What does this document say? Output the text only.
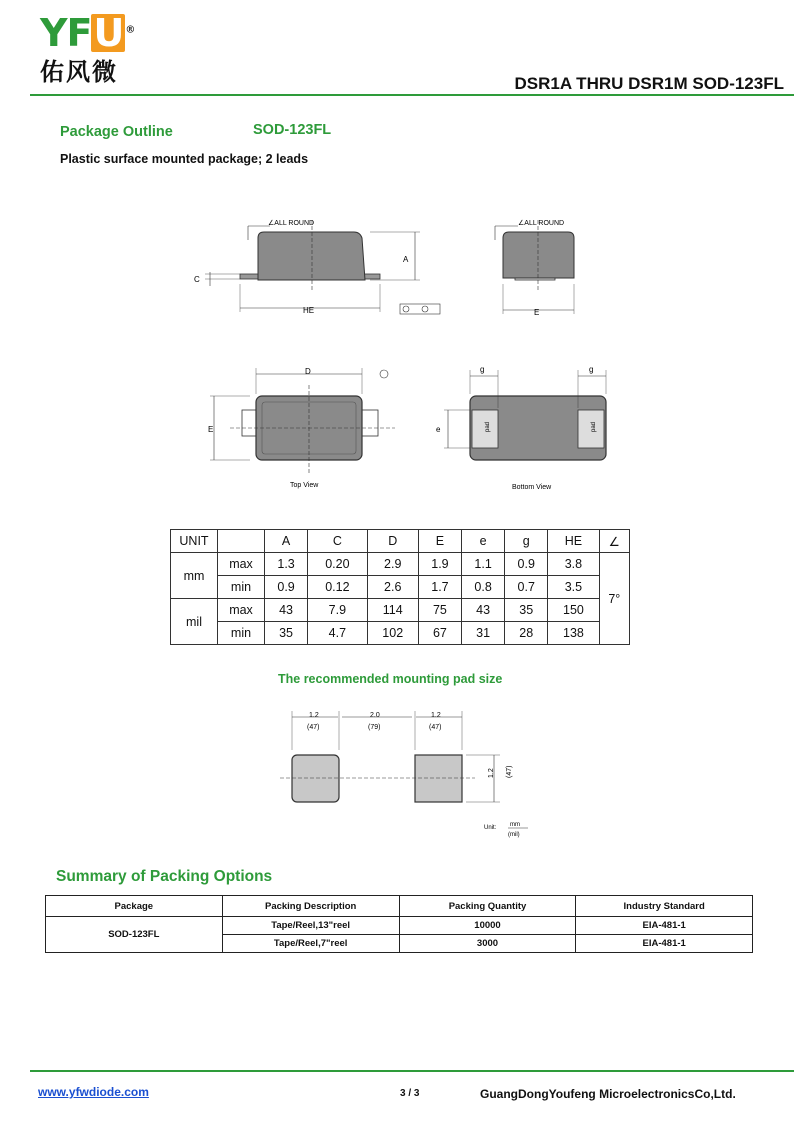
YFU ®
佑风微	DSR1A THRU DSR1M SOD-123FL
Package Outline	SOD-123FL
Plastic surface mounted package; 2 leads
∠ALL ROUND
A
C
HE
∠ALL ROUND
E
D
E
Top View
pad	pad
g	g
e
Bottom View
UNIT		A	C	D	E	e	g	HE	∠
mm	max	1.3	0.20	2.9	1.9	1.1	0.9	3.8	7°
	min	0.9	0.12	2.6	1.7	0.8	0.7	3.5	
mil	max	43	7.9	114	75	43	35	150	
	min	35	4.7	102	67	31	28	138	
The recommended mounting pad size
1.2
(47)
2.0
(79)
1.2
(47)
1.2 (47)
Unit: mm
(mil)
Summary of Packing Options
Package	Packing Description	Packing Quantity	Industry Standard
SOD-123FL	Tape/Reel,13"reel	10000	EIA-481-1
	Tape/Reel,7"reel	3000	EIA-481-1
www.yfwdiode.com	3 / 3	GuangDongYoufeng MicroelectronicsCo,Ltd.
